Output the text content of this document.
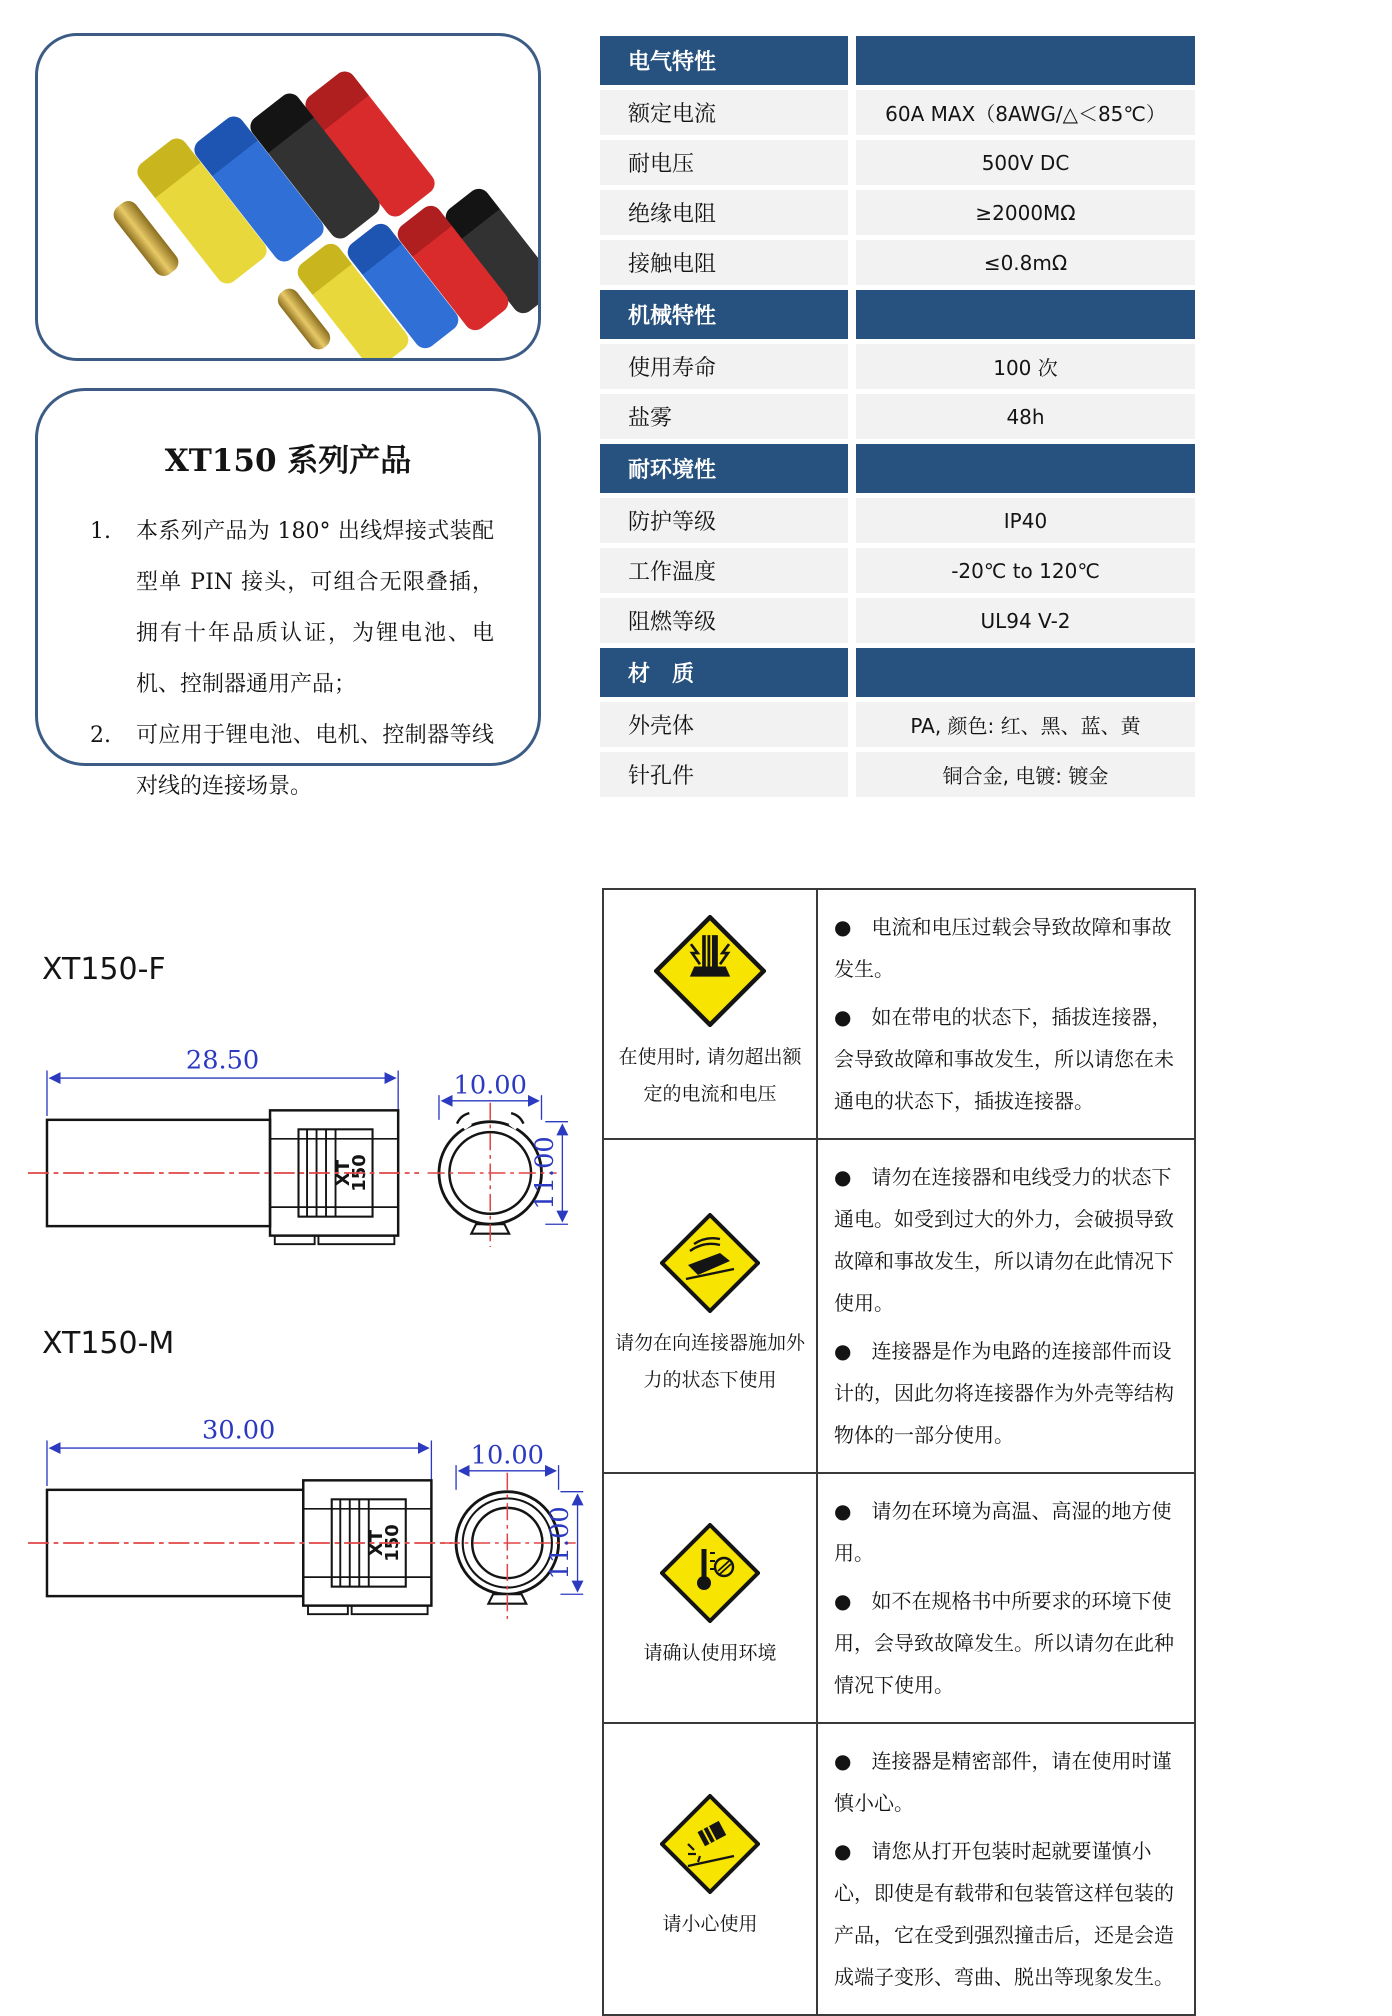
XT150 系列产品
1.	本系列产品为 180° 出线焊接式装配型单 PIN 接头，可组合无限叠插，拥有十年品质认证，为锂电池、电机、控制器通用产品；
2.	可应用于锂电池、电机、控制器等线对线的连接场景。
电气特性
额定电流	60A MAX（8AWG/△＜85℃）
耐电压	500V DC
绝缘电阻	≥2000MΩ
接触电阻	≤0.8mΩ
机械特性
使用寿命	100 次
盐雾	48h
耐环境性
防护等级	IP40
工作温度	-20℃ to 120℃
阻燃等级	UL94 V-2
材　质
外壳体	PA, 颜色: 红、黑、蓝、黄
针孔件	铜合金, 电镀: 镀金
XT150-F
28.50
XT
150
10.00
11.00
XT150-M
30.00
XT
150
10.00
11.00
在使用时, 请勿超出额定的电流和电压

●　电流和电压过载会导致故障和事故发生。

●　如在带电的状态下，插拔连接器，会导致故障和事故发生，所以请您在未通电的状态下，插拔连接器。

请勿在向连接器施加外力的状态下使用

●　请勿在连接器和电线受力的状态下通电。如受到过大的外力，会破损导致故障和事故发生，所以请勿在此情况下使用。

●　连接器是作为电路的连接部件而设计的，因此勿将连接器作为外壳等结构物体的一部分使用。

请确认使用环境

●　请勿在环境为高温、高湿的地方使用。

●　如不在规格书中所要求的环境下使用，会导致故障发生。所以请勿在此种情况下使用。

请小心使用

●　连接器是精密部件，请在使用时谨慎小心。

●　请您从打开包装时起就要谨慎小心，即使是有载带和包装管这样包装的产品，它在受到强烈撞击后，还是会造成端子变形、弯曲、脱出等现象发生。
